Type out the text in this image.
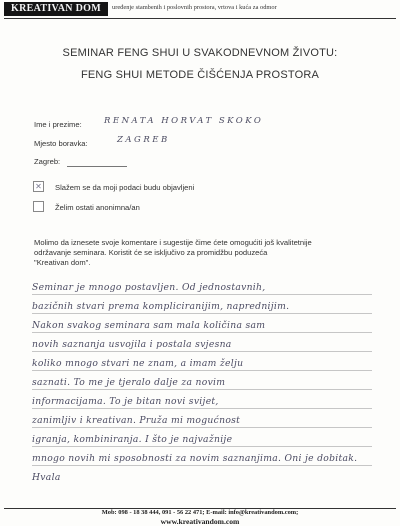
KREATIVAN DOM	uređenje stambenih i poslovnih prostora, vrtova i kuća za odmor
SEMINAR FENG SHUI U SVAKODNEVNOM ŽIVOTU:
FENG SHUI METODE ČIŠĆENJA PROSTORA
Ime i prezime:	RENATA HORVAT SKOKO
Mjesto boravka:	ZAGREB
Zagreb:
✕ Slažem se da moji podaci budu objavljeni
Želim ostati anonimna/an
Molimo da iznesete svoje komentare i sugestije čime ćete omogućiti još kvalitetnije
održavanje seminara. Koristit će se isključivo za promidžbu poduzeća
"Kreativan dom".
Seminar je mnogo postavljen. Od jednostavnih,
bazičnih stvari prema kompliciranijim, naprednijim.
Nakon svakog seminara sam mala količina sam
novih saznanja usvojila i postala svjesna
koliko mnogo stvari ne znam, a imam želju
saznati. To me je tjeralo dalje za novim
informacijama. To je bitan novi svijet,
zanimljiv i kreativan. Pruža mi mogućnost
igranja, kombiniranja. I što je najvažnije
mnogo novih mi sposobnosti za novim saznanjima. Oni je dobitak.
Hvala
Mob: 098 - 18 38 444, 091 - 56 22 471; E-mail: info@kreativandom.com;
www.kreativandom.com
